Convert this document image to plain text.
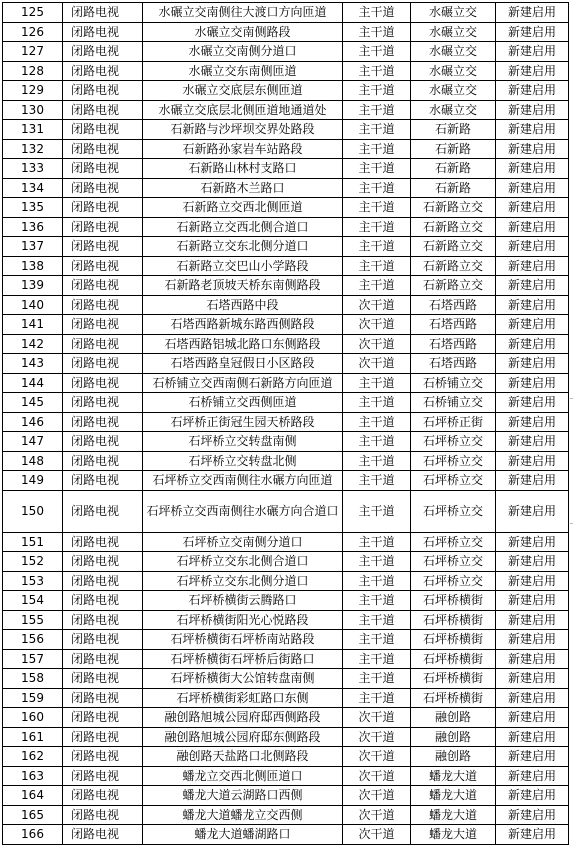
125	闭路电视	水碾立交南侧往大渡口方向匝道	主干道	水碾立交	新建启用
126	闭路电视	水碾立交南侧路段	主干道	水碾立交	新建启用
127	闭路电视	水碾立交南侧分道口	主干道	水碾立交	新建启用
128	闭路电视	水碾立交东南侧匝道	主干道	水碾立交	新建启用
129	闭路电视	水碾立交底层东侧匝道	主干道	水碾立交	新建启用
130	闭路电视	水碾立交底层北侧匝道地通道处	主干道	水碾立交	新建启用
131	闭路电视	石新路与沙坪坝交界处路段	主干道	石新路	新建启用
132	闭路电视	石新路孙家岩车站路段	主干道	石新路	新建启用
133	闭路电视	石新路山林村支路口	主干道	石新路	新建启用
134	闭路电视	石新路木兰路口	主干道	石新路	新建启用
135	闭路电视	石新路立交西北侧匝道	主干道	石新路立交	新建启用
136	闭路电视	石新路立交西北侧合道口	主干道	石新路立交	新建启用
137	闭路电视	石新路立交东北侧分道口	主干道	石新路立交	新建启用
138	闭路电视	石新路立交巴山小学路段	主干道	石新路立交	新建启用
139	闭路电视	石新路老顶坡天桥东南侧路段	主干道	石新路立交	新建启用
140	闭路电视	石塔西路中段	次干道	石塔西路	新建启用
141	闭路电视	石塔西路新城东路西侧路段	次干道	石塔西路	新建启用
142	闭路电视	石塔西路铝城北路口东侧路段	次干道	石塔西路	新建启用
143	闭路电视	石塔西路皇冠假日小区路段	次干道	石塔西路	新建启用
144	闭路电视	石桥铺立交西南侧石新路方向匝道	主干道	石桥铺立交	新建启用
145	闭路电视	石桥铺立交西侧匝道	主干道	石桥铺立交	新建启用
146	闭路电视	石坪桥正街冠生园天桥路段	主干道	石坪桥正街	新建启用
147	闭路电视	石坪桥立交转盘南侧	主干道	石坪桥立交	新建启用
148	闭路电视	石坪桥立交转盘北侧	主干道	石坪桥立交	新建启用
149	闭路电视	石坪桥立交西南侧往水碾方向匝道	主干道	石坪桥立交	新建启用
150	闭路电视	石坪桥立交西南侧往水碾方向合道口	主干道	石坪桥立交	新建启用
151	闭路电视	石坪桥立交南侧分道口	主干道	石坪桥立交	新建启用
152	闭路电视	石坪桥立交东北侧合道口	主干道	石坪桥立交	新建启用
153	闭路电视	石坪桥立交东北侧分道口	主干道	石坪桥立交	新建启用
154	闭路电视	石坪桥横街云腾路口	主干道	石坪桥横街	新建启用
155	闭路电视	石坪桥横街阳光心悦路段	主干道	石坪桥横街	新建启用
156	闭路电视	石坪桥横街石坪桥南站路段	主干道	石坪桥横街	新建启用
157	闭路电视	石坪桥横街石坪桥后街路口	主干道	石坪桥横街	新建启用
158	闭路电视	石坪桥横街大公馆转盘南侧	主干道	石坪桥横街	新建启用
159	闭路电视	石坪桥横街彩虹路口东侧	主干道	石坪桥横街	新建启用
160	闭路电视	融创路旭城公园府邸西侧路段	次干道	融创路	新建启用
161	闭路电视	融创路旭城公园府邸东侧路段	次干道	融创路	新建启用
162	闭路电视	融创路天盐路口北侧路段	次干道	融创路	新建启用
163	闭路电视	蟠龙立交西北侧匝道口	次干道	蟠龙大道	新建启用
164	闭路电视	蟠龙大道云湖路口西侧	次干道	蟠龙大道	新建启用
165	闭路电视	蟠龙大道蟠龙立交西侧	次干道	蟠龙大道	新建启用
166	闭路电视	蟠龙大道蟠湖路口	次干道	蟠龙大道	新建启用
